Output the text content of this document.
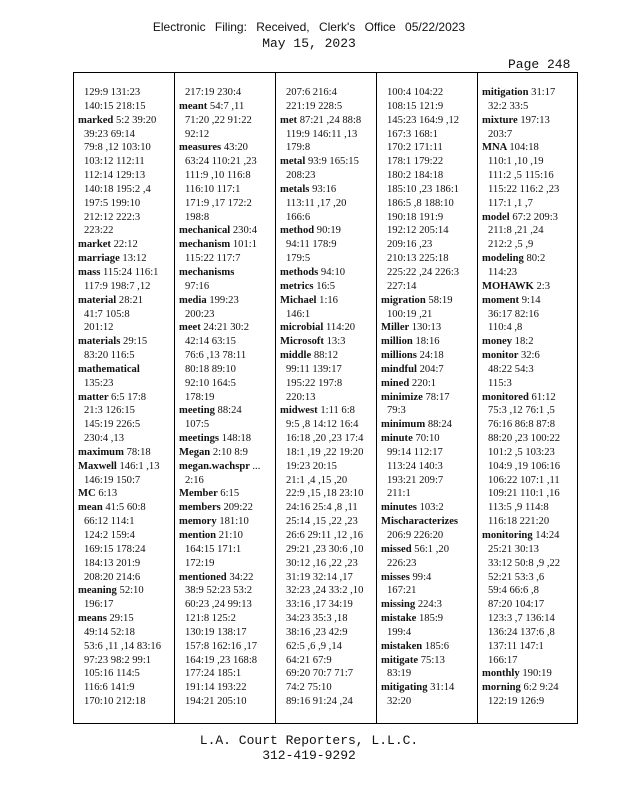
Electronic Filing: Received, Clerk's Office 05/22/2023
May 15, 2023
Page 248
129:9 131:23
140:15 218:15
marked 5:2 39:20
39:23 69:14
79:8 ,12 103:10
103:12 112:11
112:14 129:13
140:18 195:2 ,4
197:5 199:10
212:12 222:3
223:22
market 22:12
marriage 13:12
mass 115:24 116:1
117:9 198:7 ,12
material 28:21
41:7 105:8
201:12
materials 29:15
83:20 116:5
mathematical
135:23
matter 6:5 17:8
21:3 126:15
145:19 226:5
230:4 ,13
maximum 78:18
Maxwell 146:1 ,13
146:19 150:7
MC 6:13
mean 41:5 60:8
66:12 114:1
124:2 159:4
169:15 178:24
184:13 201:9
208:20 214:6
meaning 52:10
196:17
means 29:15
49:14 52:18
53:6 ,11 ,14 83:16
97:23 98:2 99:1
105:16 114:5
116:6 141:9
170:10 212:18
217:19 230:4
meant 54:7 ,11
71:20 ,22 91:22
92:12
measures 43:20
63:24 110:21 ,23
111:9 ,10 116:8
116:10 117:1
171:9 ,17 172:2
198:8
mechanical 230:4
mechanism 101:1
115:22 117:7
mechanisms
97:16
media 199:23
200:23
meet 24:21 30:2
42:14 63:15
76:6 ,13 78:11
80:18 89:10
92:10 164:5
178:19
meeting 88:24
107:5
meetings 148:18
Megan 2:10 8:9
megan.wachspr ...
2:16
Member 6:15
members 209:22
memory 181:10
mention 21:10
164:15 171:1
172:19
mentioned 34:22
38:9 52:23 53:2
60:23 ,24 99:13
121:8 125:2
130:19 138:17
157:8 162:16 ,17
164:19 ,23 168:8
177:24 185:1
191:14 193:22
194:21 205:10
207:6 216:4
221:19 228:5
met 87:21 ,24 88:8
119:9 146:11 ,13
179:8
metal 93:9 165:15
208:23
metals 93:16
113:11 ,17 ,20
166:6
method 90:19
94:11 178:9
179:5
methods 94:10
metrics 16:5
Michael 1:16
146:1
microbial 114:20
Microsoft 13:3
middle 88:12
99:11 139:17
195:22 197:8
220:13
midwest 1:11 6:8
9:5 ,8 14:12 16:4
16:18 ,20 ,23 17:4
18:1 ,19 ,22 19:20
19:23 20:15
21:1 ,4 ,15 ,20
22:9 ,15 ,18 23:10
24:16 25:4 ,8 ,11
25:14 ,15 ,22 ,23
26:6 29:11 ,12 ,16
29:21 ,23 30:6 ,10
30:12 ,16 ,22 ,23
31:19 32:14 ,17
32:23 ,24 33:2 ,10
33:16 ,17 34:19
34:23 35:3 ,18
38:16 ,23 42:9
62:5 ,6 ,9 ,14
64:21 67:9
69:20 70:7 71:7
74:2 75:10
89:16 91:24 ,24
100:4 104:22
108:15 121:9
145:23 164:9 ,12
167:3 168:1
170:2 171:11
178:1 179:22
180:2 184:18
185:10 ,23 186:1
186:5 ,8 188:10
190:18 191:9
192:12 205:14
209:16 ,23
210:13 225:18
225:22 ,24 226:3
227:14
migration 58:19
100:19 ,21
Miller 130:13
million 18:16
millions 24:18
mindful 204:7
mined 220:1
minimize 78:17
79:3
minimum 88:24
minute 70:10
99:14 112:17
113:24 140:3
193:21 209:7
211:1
minutes 103:2
Mischaracterizes
206:9 226:20
missed 56:1 ,20
226:23
misses 99:4
167:21
missing 224:3
mistake 185:9
199:4
mistaken 185:6
mitigate 75:13
83:19
mitigating 31:14
32:20
mitigation 31:17
32:2 33:5
mixture 197:13
203:7
MNA 104:18
110:1 ,10 ,19
111:2 ,5 115:16
115:22 116:2 ,23
117:1 ,1 ,7
model 67:2 209:3
211:8 ,21 ,24
212:2 ,5 ,9
modeling 80:2
114:23
MOHAWK 2:3
moment 9:14
36:17 82:16
110:4 ,8
money 18:2
monitor 32:6
48:22 54:3
115:3
monitored 61:12
75:3 ,12 76:1 ,5
76:16 86:8 87:8
88:20 ,23 100:22
101:2 ,5 103:23
104:9 ,19 106:16
106:22 107:1 ,11
109:21 110:1 ,16
113:5 ,9 114:8
116:18 221:20
monitoring 14:24
25:21 30:13
33:12 50:8 ,9 ,22
52:21 53:3 ,6
59:4 66:6 ,8
87:20 104:17
123:3 ,7 136:14
136:24 137:6 ,8
137:11 147:1
166:17
monthly 190:19
morning 6:2 9:24
122:19 126:9
L.A. Court Reporters, L.L.C.
312-419-9292
